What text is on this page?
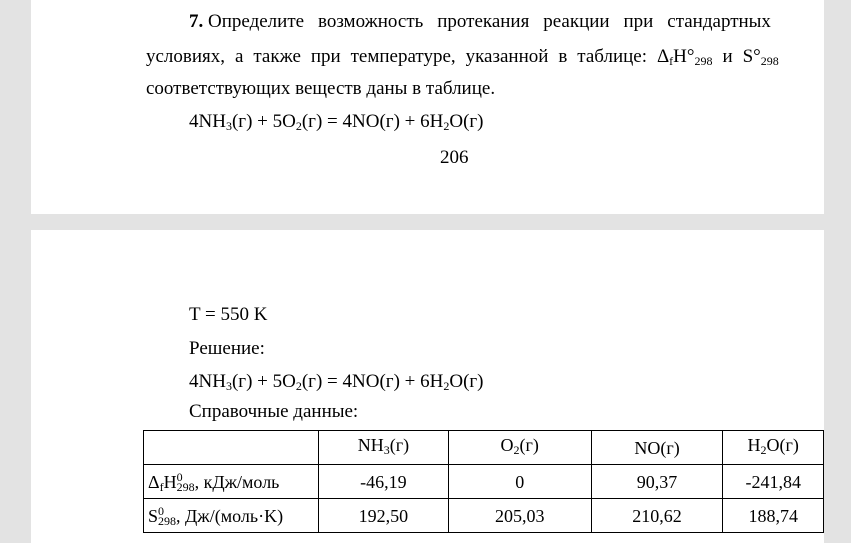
7. Определите возможность протекания реакции при стандартных
условиях, а также при температуре, указанной в таблице: $\Delta_fH^\circ_{298}$ и $S^\circ_{298}$
соответствующих веществ даны в таблице.
$4NH_3(г) + 5O_2(г) = 4NO(г) + 6H_2O(г)$
206
T = 550 K
Решение:
$4NH_3(г) + 5O_2(г) = 4NO(г) + 6H_2O(г)$
Справочные данные:
	$NH_3(г)$	$O_2(г)$	NO(г)	$H_2O(г)$
$\Delta_fH^0_{298}$, кДж/моль	-46,19	0	90,37	-241,84
$S^0_{298}$, Дж/(моль·K)	192,50	205,03	210,62	188,74
